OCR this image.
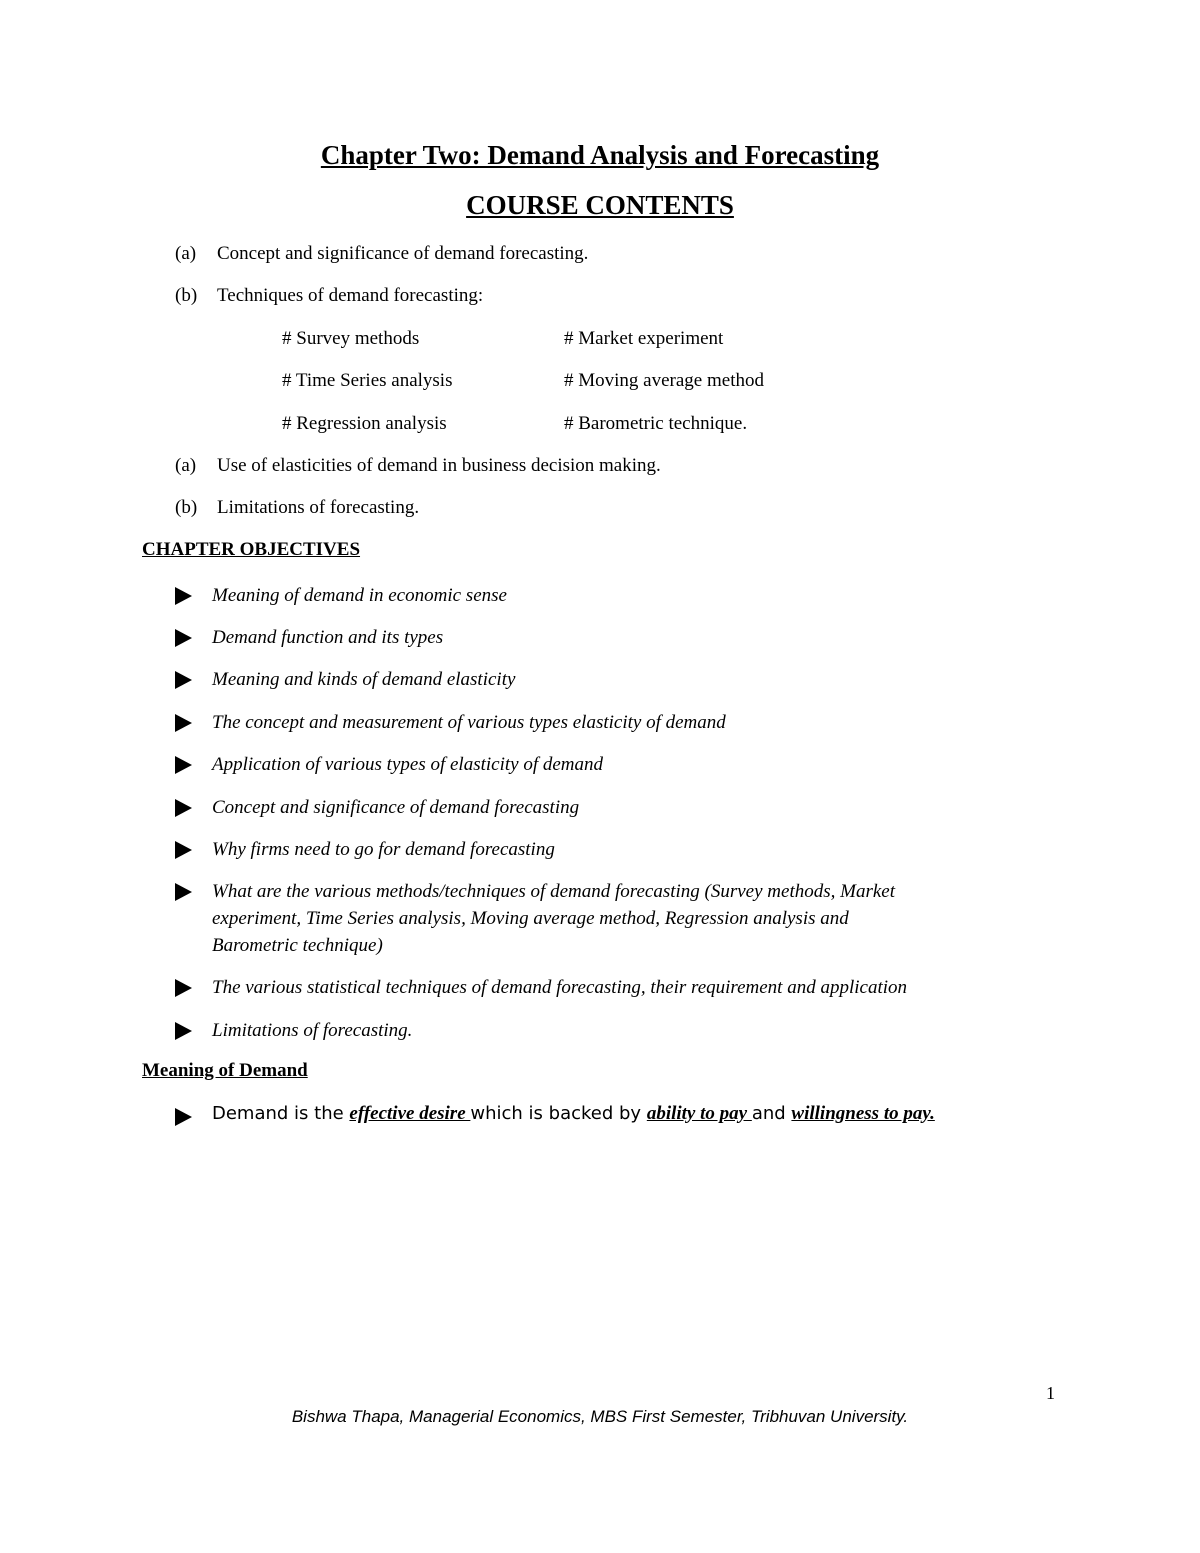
Chapter Two: Demand Analysis and Forecasting
COURSE CONTENTS
(a) Concept and significance of demand forecasting.
(b) Techniques of demand forecasting:
# Survey methods	# Market experiment
# Time Series analysis	# Moving average method
# Regression analysis	# Barometric technique.
(a) Use of elasticities of demand in business decision making.
(b) Limitations of forecasting.
CHAPTER OBJECTIVES
Meaning of demand in economic sense
Demand function and its types
Meaning and kinds of demand elasticity
The concept and measurement of various types elasticity of demand
Application of various types of elasticity of demand
Concept and significance of demand forecasting
Why firms need to go for demand forecasting
What are the various methods/techniques of demand forecasting (Survey methods, Market
experiment, Time Series analysis, Moving average method, Regression analysis and
Barometric technique)
The various statistical techniques of demand forecasting, their requirement and application
Limitations of forecasting.
Meaning of Demand
Demand is the effective desire which is backed by ability to pay and willingness to pay.
1
Bishwa Thapa, Managerial Economics, MBS First Semester, Tribhuvan University.
